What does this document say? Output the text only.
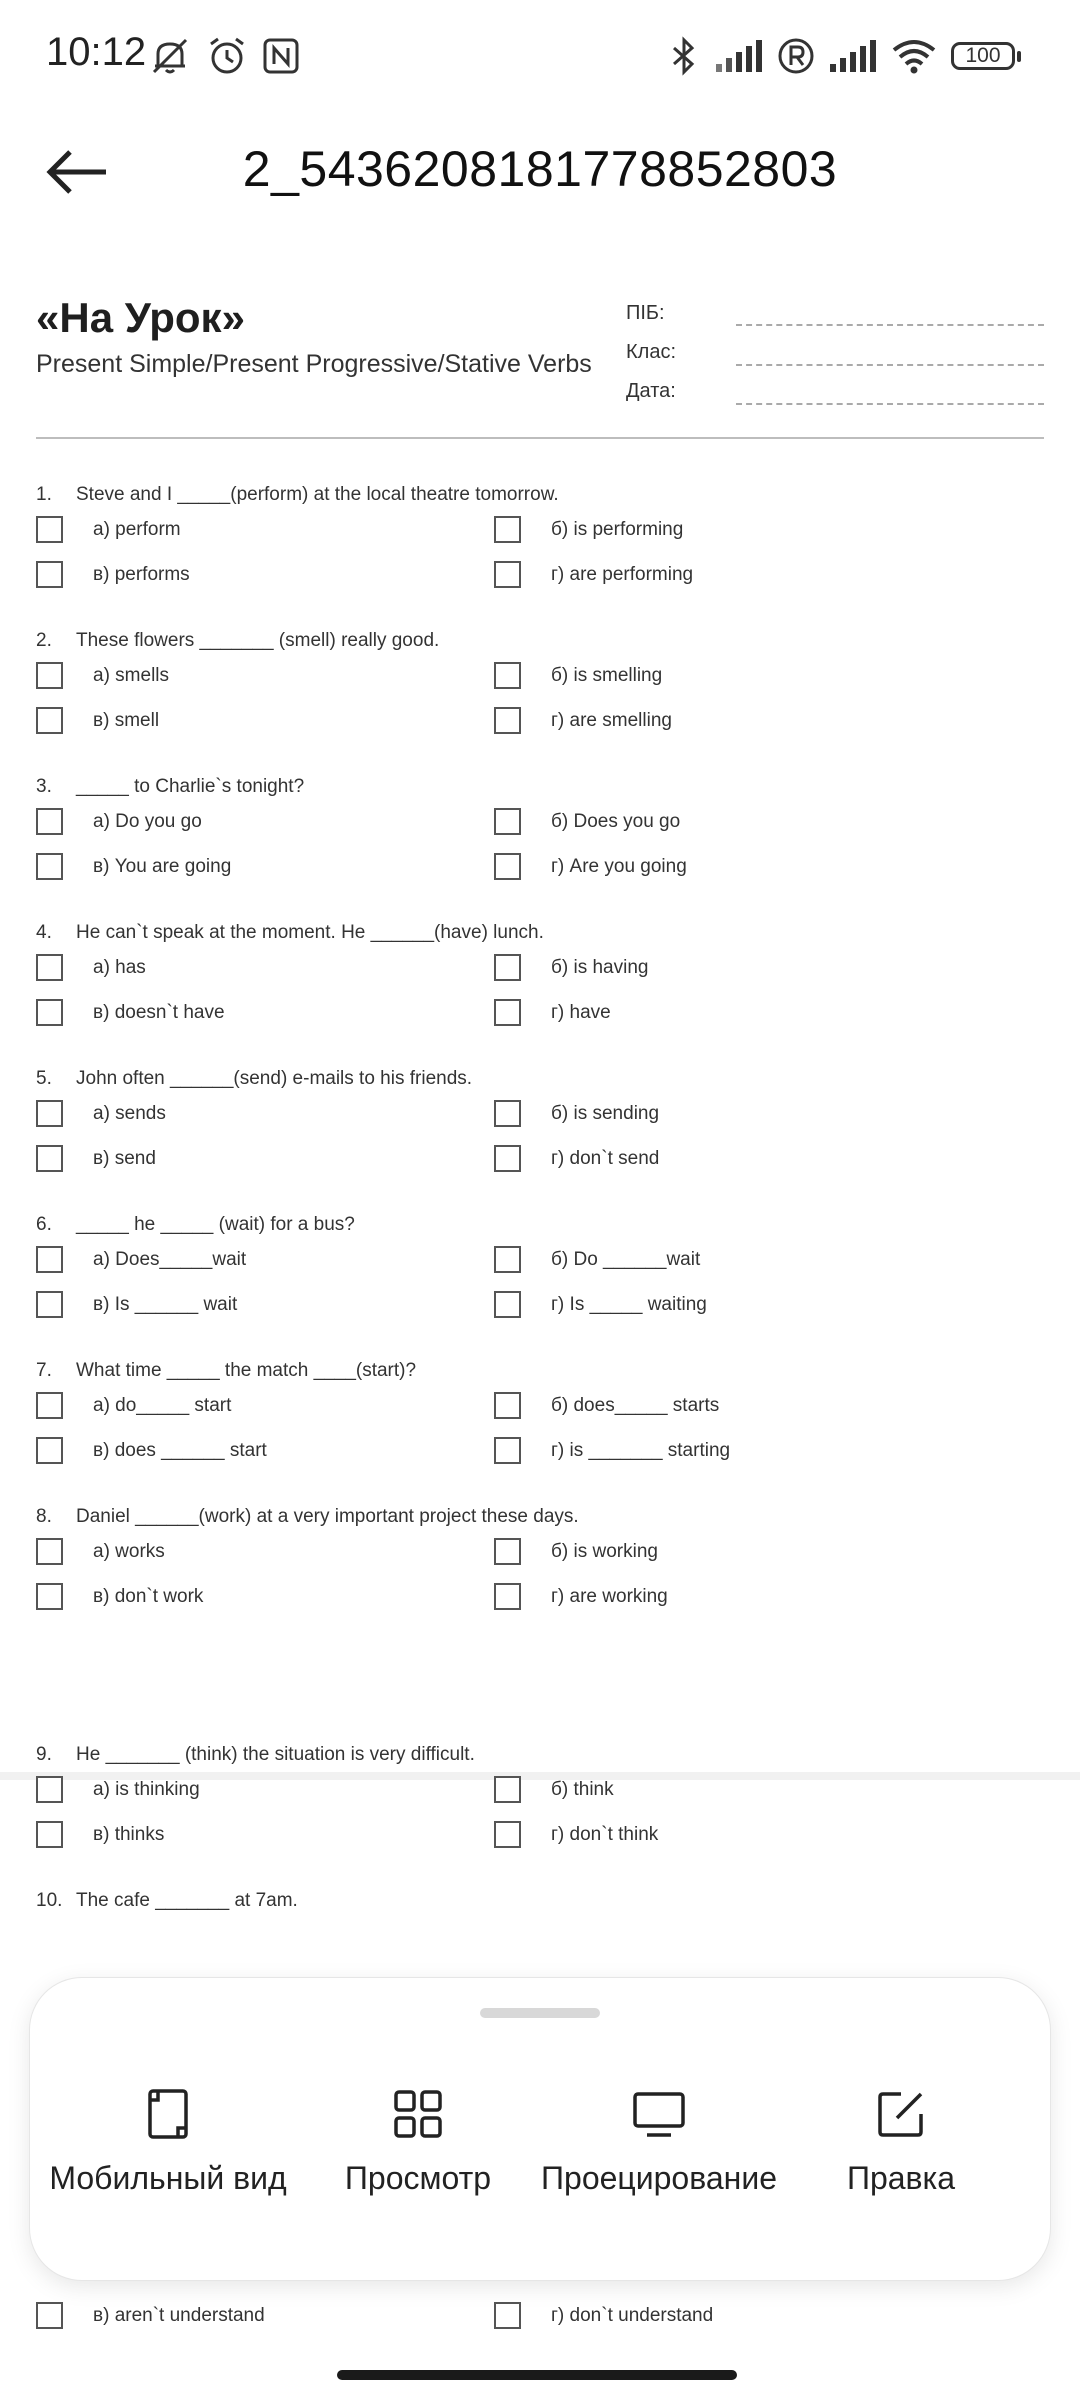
10:12	100
2_5436208181778852803
«На Урок»
Present Simple/Present Progressive/Stative Verbs
ПІБ:
Клас:
Дата:
1. Steve and I _____(perform) at the local theatre tomorrow.
а) perform	б) is performing
в) performs	г) are performing
2. These flowers _______ (smell) really good.
а) smells	б) is smelling
в) smell	г) are smelling
3. _____ to Charlie`s tonight?
а) Do you go	б) Does you go
в) You are going	г) Are you going
4. He can`t speak at the moment. He ______(have) lunch.
а) has	б) is having
в) doesn`t have	г) have
5. John often ______(send) e-mails to his friends.
а) sends	б) is sending
в) send	г) don`t send
6. _____ he _____ (wait) for a bus?
а) Does_____wait	б) Do ______wait
в) Is ______ wait	г) Is _____ waiting
7. What time _____ the match ____(start)?
а) do_____ start	б) does_____ starts
в) does ______ start	г) is _______ starting
8. Daniel ______(work) at a very important project these days.
а) works	б) is working
в) don`t work	г) are working
9. He _______ (think) the situation is very difficult.
а) is thinking	б) think
в) thinks	г) don`t think
10. The cafe _______ at 7am.
в) aren`t understand	г) don`t understand
Мобильный вид	Просмотр	Проецирование	Правка
